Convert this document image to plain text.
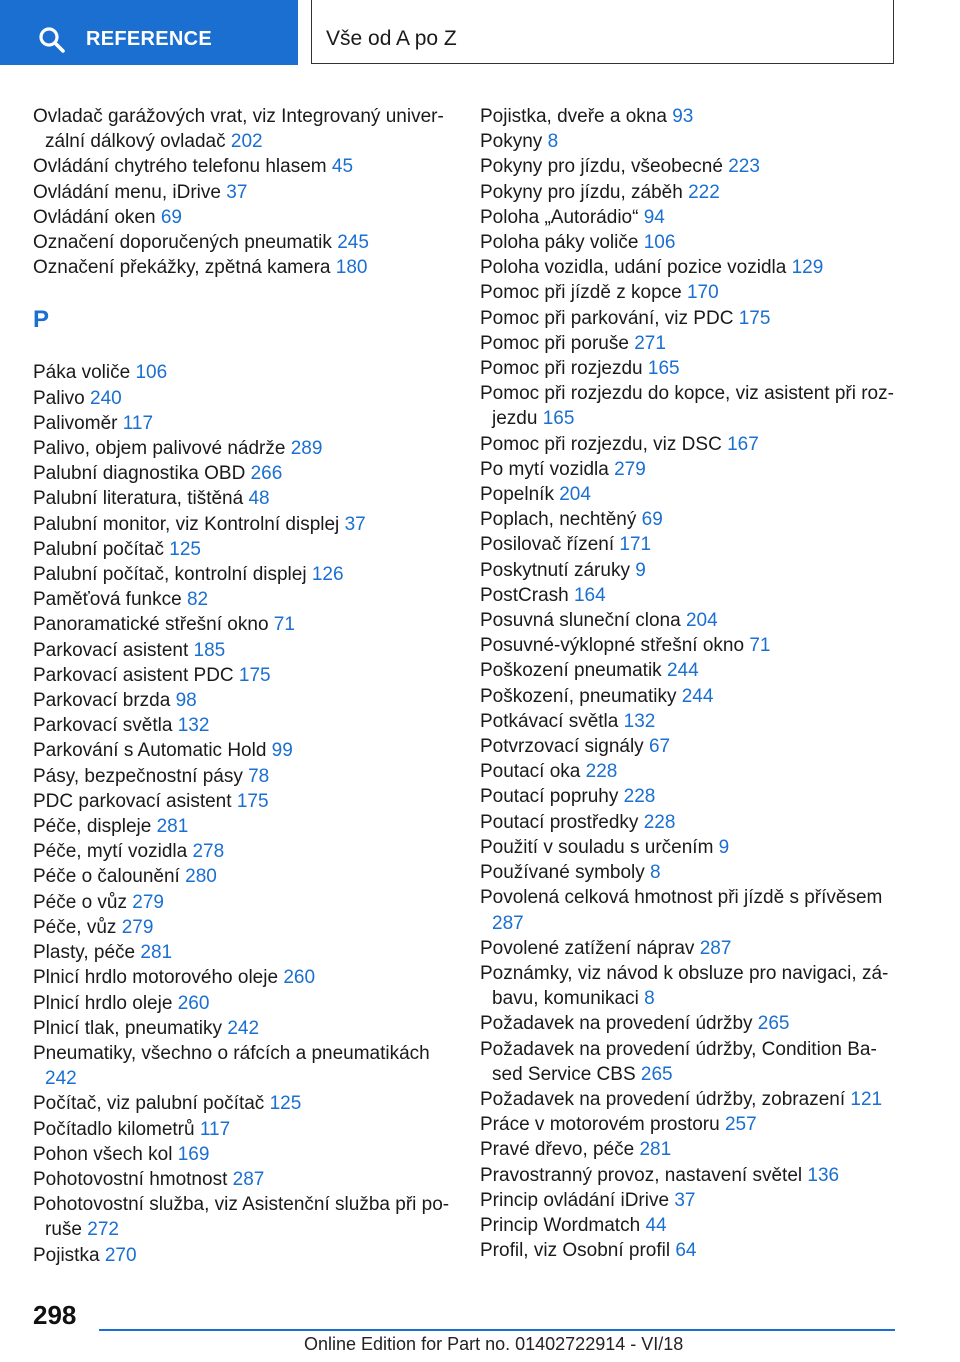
REFERENCE	Vše od A po Z
Ovladač garážových vrat, viz Integrovaný univerzální dálkový ovladač 202
Ovládání chytrého telefonu hlasem 45
Ovládání menu, iDrive 37
Ovládání oken 69
Označení doporučených pneumatik 245
Označení překážky, zpětná kamera 180
P
Páka voliče 106
Palivo 240
Palivoměr 117
Palivo, objem palivové nádrže 289
Palubní diagnostika OBD 266
Palubní literatura, tištěná 48
Palubní monitor, viz Kontrolní displej 37
Palubní počítač 125
Palubní počítač, kontrolní displej 126
Paměťová funkce 82
Panoramatické střešní okno 71
Parkovací asistent 185
Parkovací asistent PDC 175
Parkovací brzda 98
Parkovací světla 132
Parkování s Automatic Hold 99
Pásy, bezpečnostní pásy 78
PDC parkovací asistent 175
Péče, displeje 281
Péče, mytí vozidla 278
Péče o čalounění 280
Péče o vůz 279
Péče, vůz 279
Plasty, péče 281
Plnicí hrdlo motorového oleje 260
Plnicí hrdlo oleje 260
Plnicí tlak, pneumatiky 242
Pneumatiky, všechno o ráfcích a pneumatikách 242
Počítač, viz palubní počítač 125
Počítadlo kilometrů 117
Pohon všech kol 169
Pohotovostní hmotnost 287
Pohotovostní služba, viz Asistenční služba při poruše 272
Pojistka 270
Pojistka, dveře a okna 93
Pokyny 8
Pokyny pro jízdu, všeobecné 223
Pokyny pro jízdu, záběh 222
Poloha „Autorádio“ 94
Poloha páky voliče 106
Poloha vozidla, udání pozice vozidla 129
Pomoc při jízdě z kopce 170
Pomoc při parkování, viz PDC 175
Pomoc při poruše 271
Pomoc při rozjezdu 165
Pomoc při rozjezdu do kopce, viz asistent při rozjezdu 165
Pomoc při rozjezdu, viz DSC 167
Po mytí vozidla 279
Popelník 204
Poplach, nechtěný 69
Posilovač řízení 171
Poskytnutí záruky 9
PostCrash 164
Posuvná sluneční clona 204
Posuvné-výklopné střešní okno 71
Poškození pneumatik 244
Poškození, pneumatiky 244
Potkávací světla 132
Potvrzovací signály 67
Poutací oka 228
Poutací popruhy 228
Poutací prostředky 228
Použití v souladu s určením 9
Používané symboly 8
Povolená celková hmotnost při jízdě s přívěsem 287
Povolené zatížení náprav 287
Poznámky, viz návod k obsluze pro navigaci, zábavu, komunikaci 8
Požadavek na provedení údržby 265
Požadavek na provedení údržby, Condition Based Service CBS 265
Požadavek na provedení údržby, zobrazení 121
Práce v motorovém prostoru 257
Pravé dřevo, péče 281
Pravostranný provoz, nastavení světel 136
Princip ovládání iDrive 37
Princip Wordmatch 44
Profil, viz Osobní profil 64
298
Online Edition for Part no. 01402722914 - VI/18
